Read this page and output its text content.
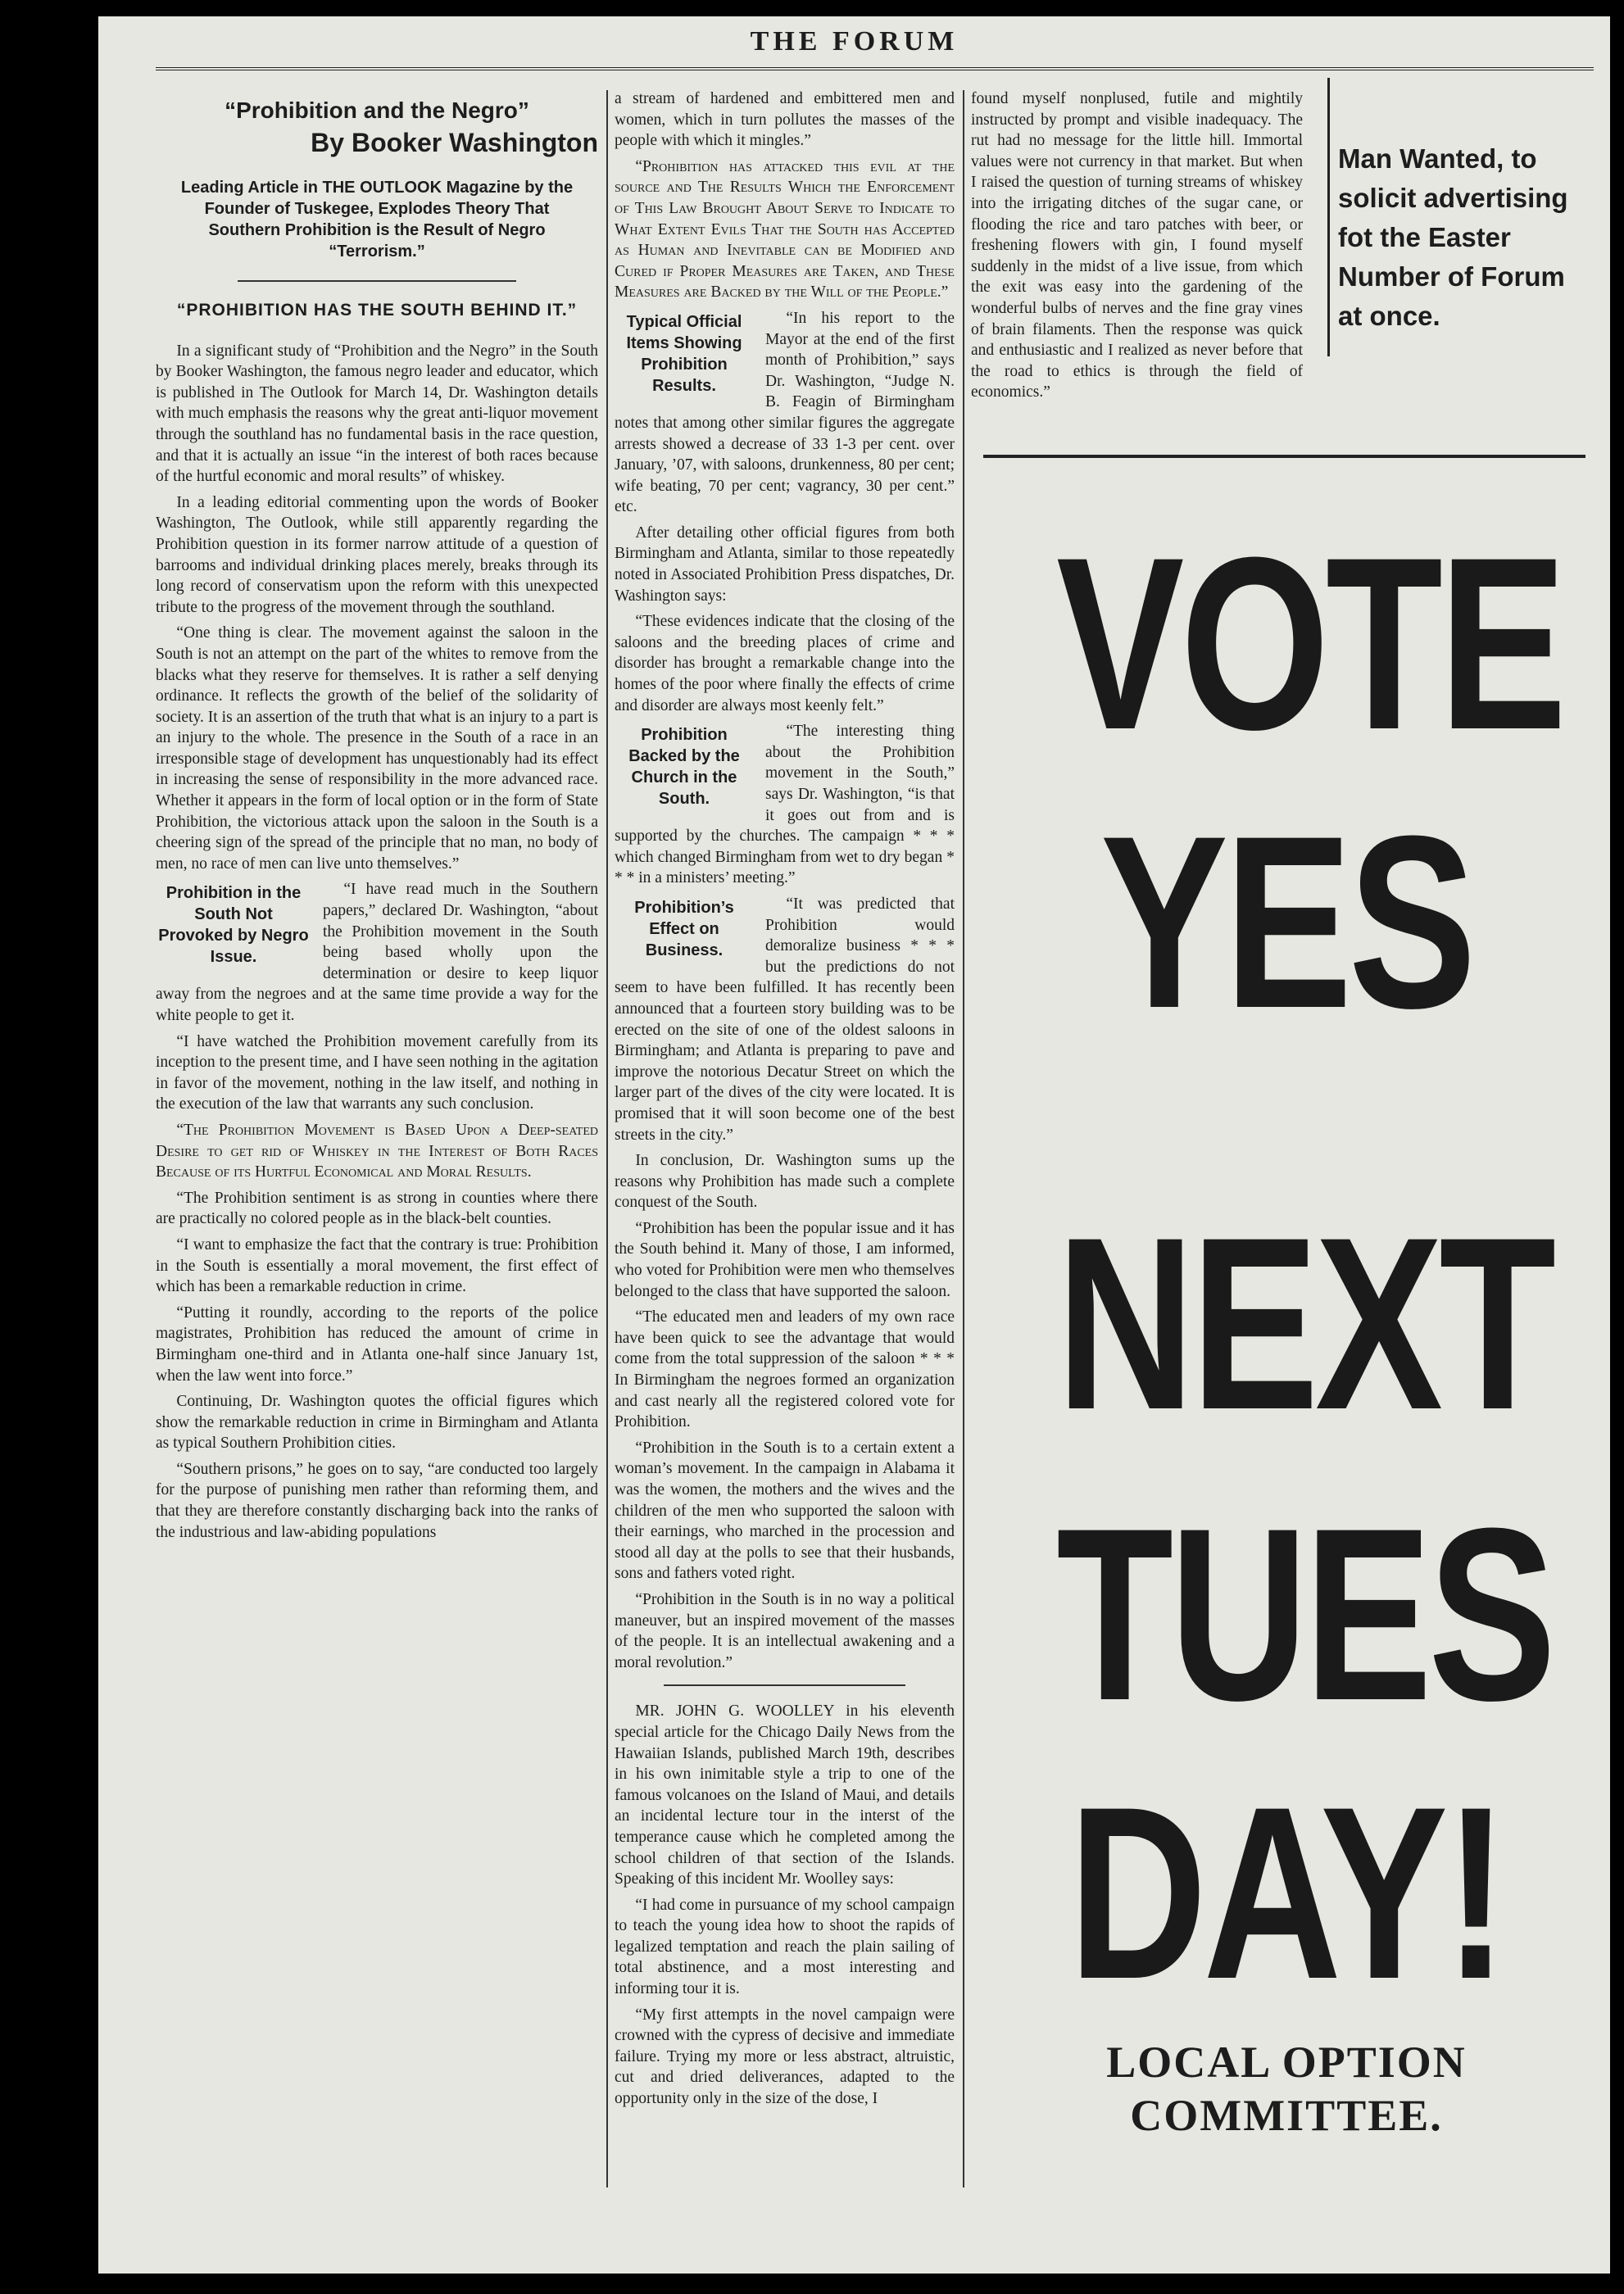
THE FORUM
“Prohibition and the Negro”
By Booker Washington
Leading Article in THE OUTLOOK Magazine by the Founder of Tuskegee, Explodes Theory That Southern Prohibition is the Result of Negro “Terrorism.”
“PROHIBITION HAS THE SOUTH BEHIND IT.”

In a significant study of “Prohibition and the Negro” in the South by Booker Washington, the famous negro leader and educator, which is published in The Outlook for March 14, Dr. Washington details with much emphasis the reasons why the great anti-liquor movement through the southland has no fundamental basis in the race question, and that it is actually an issue “in the interest of both races because of the hurtful economic and moral results” of whiskey.

In a leading editorial commenting upon the words of Booker Washington, The Outlook, while still apparently regarding the Prohibition question in its former narrow attitude of a question of barrooms and individual drinking places merely, breaks through its long record of conservatism upon the reform with this unexpected tribute to the progress of the movement through the southland.

“One thing is clear. The movement against the saloon in the South is not an attempt on the part of the whites to remove from the blacks what they reserve for themselves. It is rather a self denying ordinance. It reflects the growth of the belief of the solidarity of society. It is an assertion of the truth that what is an injury to a part is an injury to the whole. The presence in the South of a race in an irresponsible stage of development has unquestionably had its effect in increasing the sense of responsibility in the more advanced race. Whether it appears in the form of local option or in the form of State Prohibition, the victorious attack upon the saloon in the South is a cheering sign of the spread of the principle that no man, no body of men, no race of men can live unto themselves.”

Prohibition in the South Not Provoked by Negro Issue.

“I have read much in the Southern papers,” declared Dr. Washington, “about the Prohibition movement in the South being based wholly upon the determination or desire to keep liquor away from the negroes and at the same time provide a way for the white people to get it.

“I have watched the Prohibition movement carefully from its inception to the present time, and I have seen nothing in the agitation in favor of the movement, nothing in the law itself, and nothing in the execution of the law that warrants any such conclusion.

“The Prohibition Movement is Based Upon a Deep-seated Desire to get rid of Whiskey in the Interest of Both Races Because of its Hurtful Economical and Moral Results.

“The Prohibition sentiment is as strong in counties where there are practically no colored people as in the black-belt counties.

“I want to emphasize the fact that the contrary is true: Prohibition in the South is essentially a moral movement, the first effect of which has been a remarkable reduction in crime.

“Putting it roundly, according to the reports of the police magistrates, Prohibition has reduced the amount of crime in Birmingham one-third and in Atlanta one-half since January 1st, when the law went into force.”

Continuing, Dr. Washington quotes the official figures which show the remarkable reduction in crime in Birmingham and Atlanta as typical Southern Prohibition cities.

“Southern prisons,” he goes on to say, “are conducted too largely for the purpose of punishing men rather than reforming them, and that they are therefore constantly discharging back into the ranks of the industrious and law-abiding populations

a stream of hardened and embittered men and women, which in turn pollutes the masses of the people with which it mingles.”

“Prohibition has attacked this evil at the source and The Results Which the Enforcement of This Law Brought About Serve to Indicate to What Extent Evils That the South has Accepted as Human and Inevitable can be Modified and Cured if Proper Measures are Taken, and These Measures are Backed by the Will of the People.”

Typical Official Items Showing Prohibition Results.

“In his report to the Mayor at the end of the first month of Prohibition,” says Dr. Washington, “Judge N. B. Feagin of Birmingham notes that among other similar figures the aggregate arrests showed a decrease of 33 1-3 per cent. over January, ’07, with saloons, drunkenness, 80 per cent; wife beating, 70 per cent; vagrancy, 30 per cent.” etc.

After detailing other official figures from both Birmingham and Atlanta, similar to those repeatedly noted in Associated Prohibition Press dispatches, Dr. Washington says:

“These evidences indicate that the closing of the saloons and the breeding places of crime and disorder has brought a remarkable change into the homes of the poor where finally the effects of crime and disorder are always most keenly felt.”

Prohibition Backed by the Church in the South.

“The interesting thing about the Prohibition movement in the South,” says Dr. Washington, “is that it goes out from and is supported by the churches. The campaign * * * which changed Birmingham from wet to dry began * * * in a ministers’ meeting.”

Prohibition’s Effect on Business.

“It was predicted that Prohibition would demoralize business * * * but the predictions do not seem to have been fulfilled. It has recently been announced that a fourteen story building was to be erected on the site of one of the oldest saloons in Birmingham; and Atlanta is preparing to pave and improve the notorious Decatur Street on which the larger part of the dives of the city were located. It is promised that it will soon become one of the best streets in the city.”

In conclusion, Dr. Washington sums up the reasons why Prohibition has made such a complete conquest of the South.

“Prohibition has been the popular issue and it has the South behind it. Many of those, I am informed, who voted for Prohibition were men who themselves belonged to the class that have supported the saloon.

“The educated men and leaders of my own race have been quick to see the advantage that would come from the total suppression of the saloon * * * In Birmingham the negroes formed an organization and cast nearly all the registered colored vote for Prohibition.

“Prohibition in the South is to a certain extent a woman’s movement. In the campaign in Alabama it was the women, the mothers and the wives and the children of the men who supported the saloon with their earnings, who marched in the procession and stood all day at the polls to see that their husbands, sons and fathers voted right.

“Prohibition in the South is in no way a political maneuver, but an inspired movement of the masses of the people. It is an intellectual awakening and a moral revolution.”

MR. JOHN G. WOOLLEY in his eleventh special article for the Chicago Daily News from the Hawaiian Islands, published March 19th, describes in his own inimitable style a trip to one of the famous volcanoes on the Island of Maui, and details an incidental lecture tour in the interst of the temperance cause which he completed among the school children of that section of the Islands. Speaking of this incident Mr. Woolley says:

“I had come in pursuance of my school campaign to teach the young idea how to shoot the rapids of legalized temptation and reach the plain sailing of total abstinence, and a most interesting and informing tour it is.

“My first attempts in the novel campaign were crowned with the cypress of decisive and immediate failure. Trying my more or less abstract, altruistic, cut and dried deliverances, adapted to the opportunity only in the size of the dose, I

found myself nonplused, futile and mightily instructed by prompt and visible inadequacy. The rut had no message for the little hill. Immortal values were not currency in that market. But when I raised the question of turning streams of whiskey into the irrigating ditches of the sugar cane, or flooding the rice and taro patches with beer, or freshening flowers with gin, I found myself suddenly in the midst of a live issue, from which the exit was easy into the gardening of the wonderful bulbs of nerves and the fine gray vines of brain filaments. Then the response was quick and enthusiastic and I realized as never before that the road to ethics is through the field of economics.”

Man Wanted, to solicit advertising fot the Easter Number of Forum at once.
VOTE
YES
NEXT
TUES
DAY!
LOCAL OPTION
COMMITTEE.
